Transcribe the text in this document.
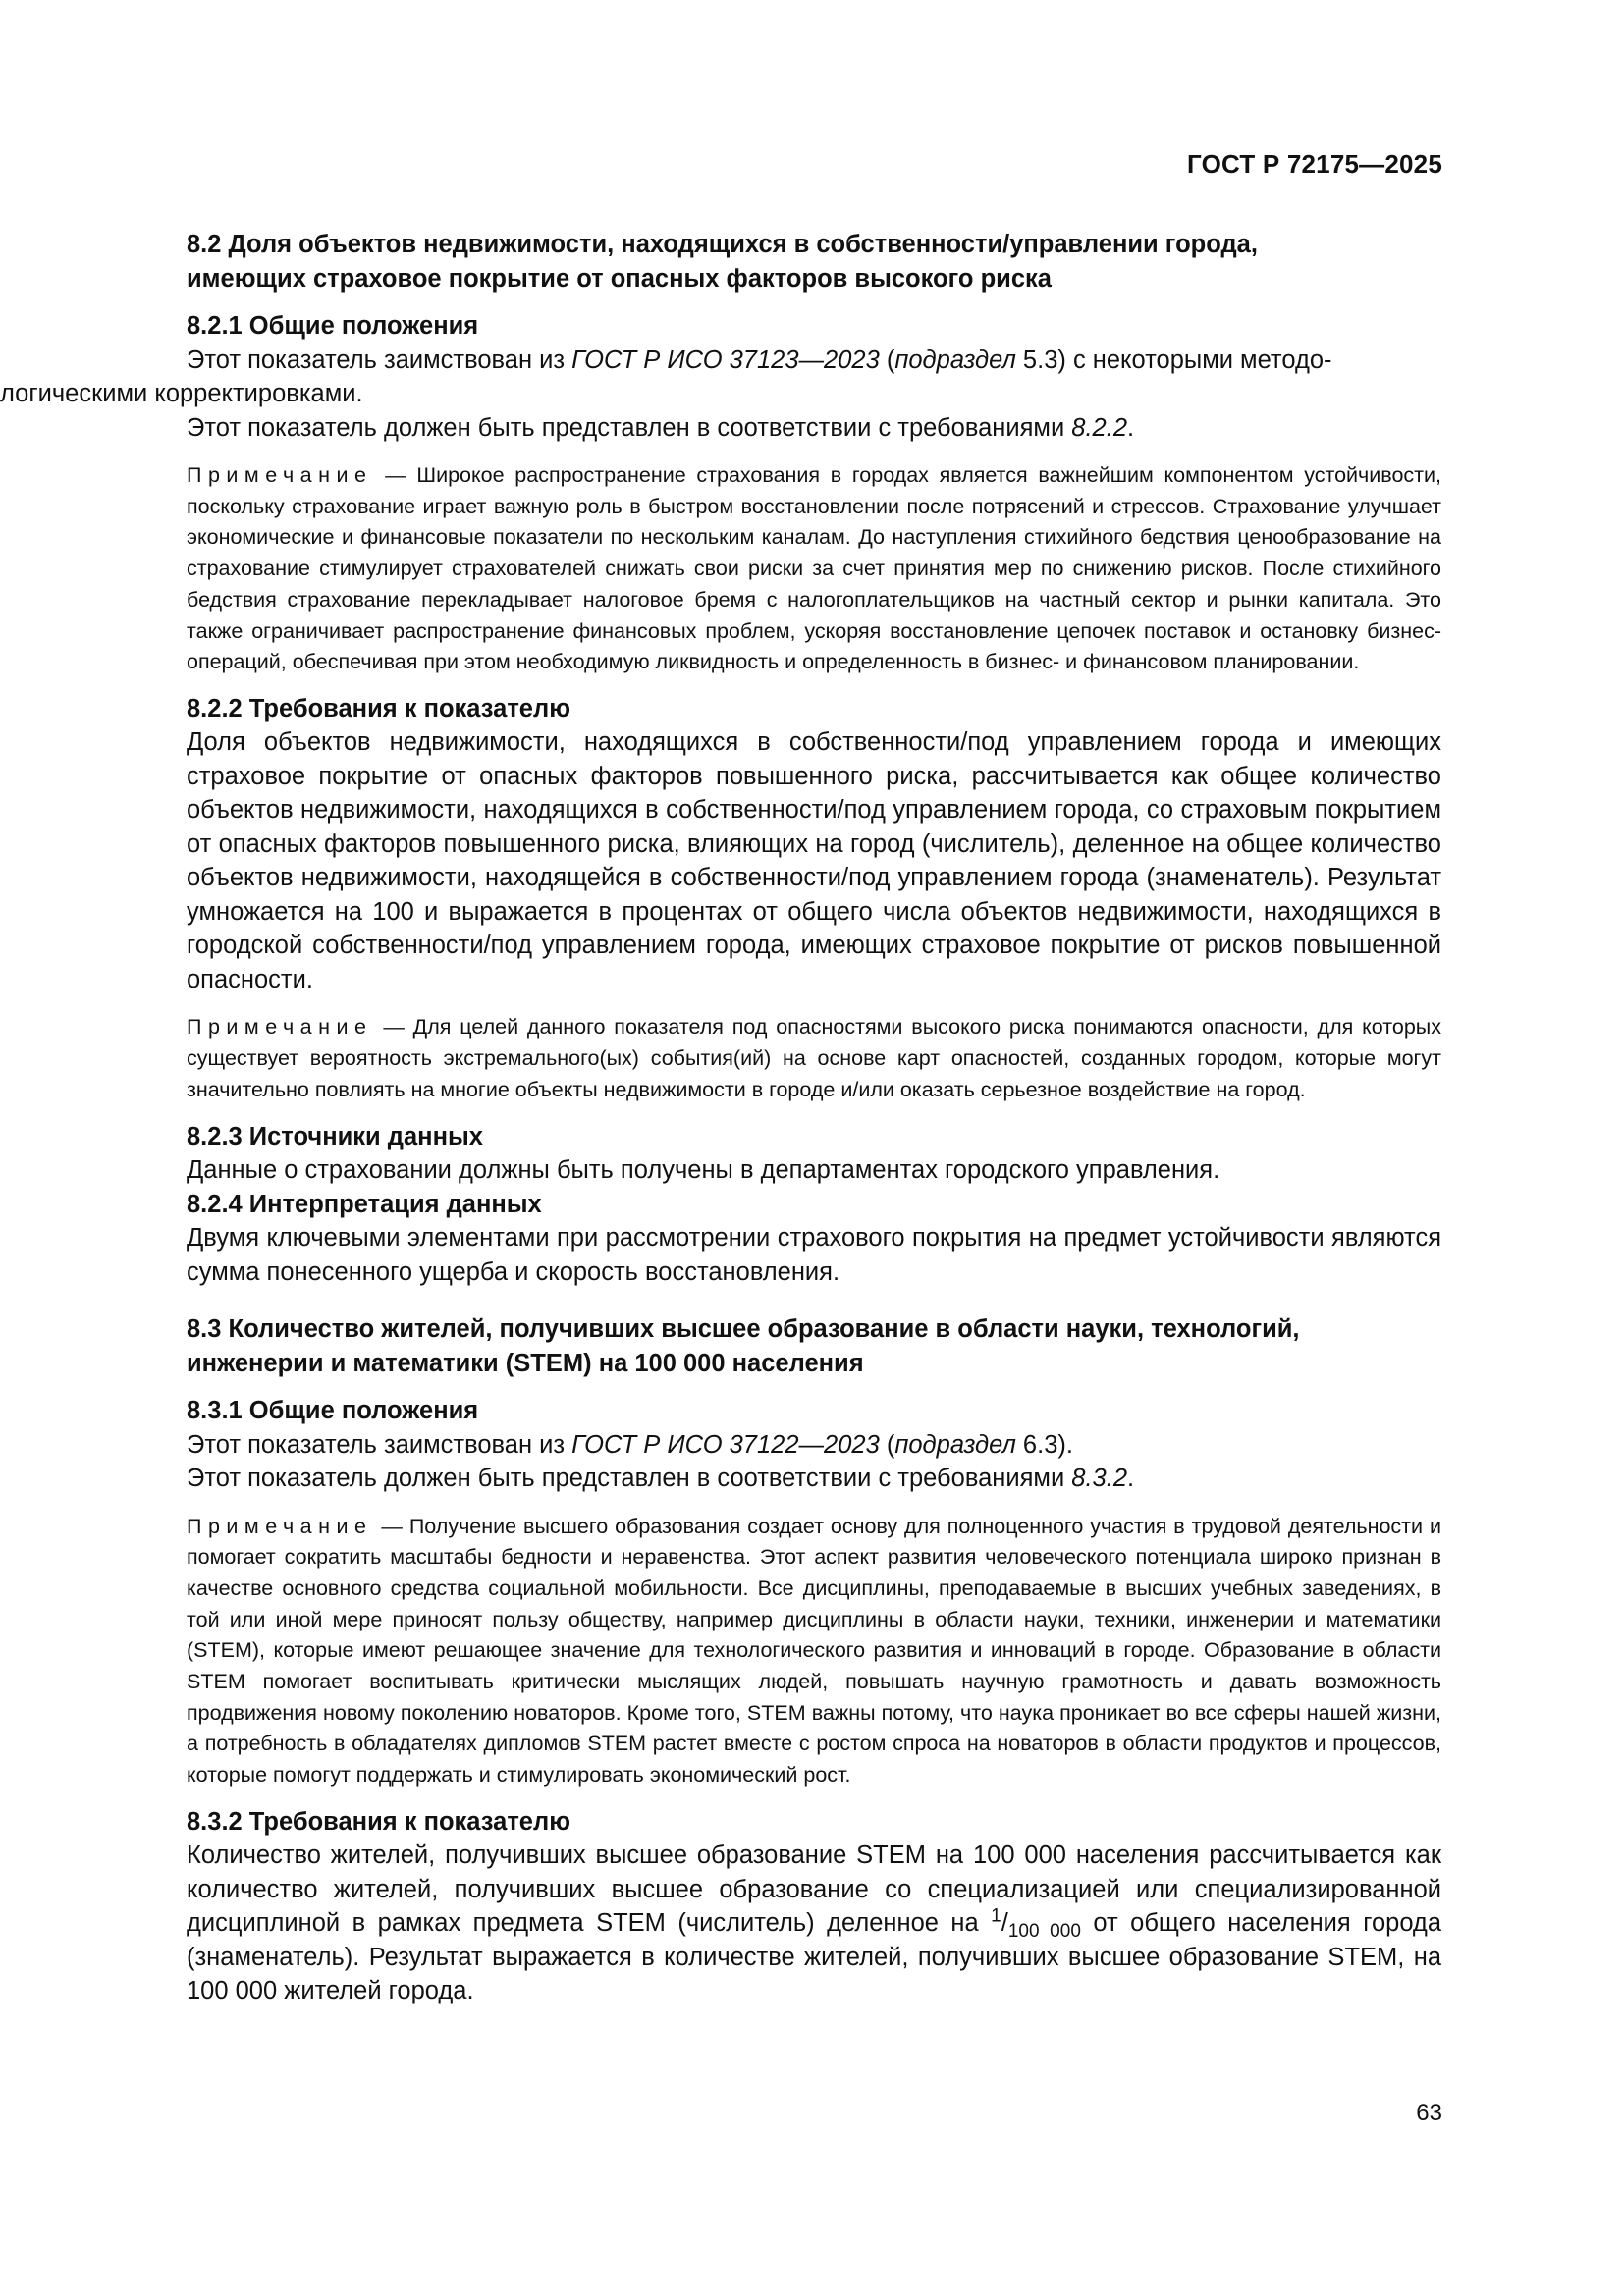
ГОСТ Р 72175—2025
8.2 Доля объектов недвижимости, находящихся в собственности/управлении города,
имеющих страховое покрытие от опасных факторов высокого риска
8.2.1 Общие положения
Этот показатель заимствован из ГОСТ Р ИСО 37123—2023 (подраздел 5.3) с некоторыми методо-
логическими корректировками.
Этот показатель должен быть представлен в соответствии с требованиями 8.2.2.
Примечание — Широкое распространение страхования в городах является важнейшим компонентом устойчивости, поскольку страхование играет важную роль в быстром восстановлении после потрясений и стрессов. Страхование улучшает экономические и финансовые показатели по нескольким каналам. До наступления стихийного бедствия ценообразование на страхование стимулирует страхователей снижать свои риски за счет принятия мер по снижению рисков. После стихийного бедствия страхование перекладывает налоговое бремя с налогоплательщиков на частный сектор и рынки капитала. Это также ограничивает распространение финансовых проблем, ускоряя восстановление цепочек поставок и остановку бизнес-операций, обеспечивая при этом необходимую ликвидность и определенность в бизнес- и финансовом планировании.
8.2.2 Требования к показателю
Доля объектов недвижимости, находящихся в собственности/под управлением города и имеющих страховое покрытие от опасных факторов повышенного риска, рассчитывается как общее количество объектов недвижимости, находящихся в собственности/под управлением города, со страховым покрытием от опасных факторов повышенного риска, влияющих на город (числитель), деленное на общее количество объектов недвижимости, находящейся в собственности/под управлением города (знаменатель). Результат умножается на 100 и выражается в процентах от общего числа объектов недвижимости, находящихся в городской собственности/под управлением города, имеющих страховое покрытие от рисков повышенной опасности.
Примечание — Для целей данного показателя под опасностями высокого риска понимаются опасности, для которых существует вероятность экстремального(ых) события(ий) на основе карт опасностей, созданных городом, которые могут значительно повлиять на многие объекты недвижимости в городе и/или оказать серьезное воздействие на город.
8.2.3 Источники данных
Данные о страховании должны быть получены в департаментах городского управления.
8.2.4 Интерпретация данных
Двумя ключевыми элементами при рассмотрении страхового покрытия на предмет устойчивости являются сумма понесенного ущерба и скорость восстановления.
8.3 Количество жителей, получивших высшее образование в области науки, технологий,
инженерии и математики (STEM) на 100 000 населения
8.3.1 Общие положения
Этот показатель заимствован из ГОСТ Р ИСО 37122—2023 (подраздел 6.3).
Этот показатель должен быть представлен в соответствии с требованиями 8.3.2.
Примечание — Получение высшего образования создает основу для полноценного участия в трудовой деятельности и помогает сократить масштабы бедности и неравенства. Этот аспект развития человеческого потенциала широко признан в качестве основного средства социальной мобильности. Все дисциплины, преподаваемые в высших учебных заведениях, в той или иной мере приносят пользу обществу, например дисциплины в области науки, техники, инженерии и математики (STEM), которые имеют решающее значение для технологического развития и инноваций в городе. Образование в области STEM помогает воспитывать критически мыслящих людей, повышать научную грамотность и давать возможность продвижения новому поколению новаторов. Кроме того, STEM важны потому, что наука проникает во все сферы нашей жизни, а потребность в обладателях дипломов STEM растет вместе с ростом спроса на новаторов в области продуктов и процессов, которые помогут поддержать и стимулировать экономический рост.
8.3.2 Требования к показателю
Количество жителей, получивших высшее образование STEM на 100 000 населения рассчитывается как количество жителей, получивших высшее образование со специализацией или специализированной дисциплиной в рамках предмета STEM (числитель) деленное на $^1/_{100 000}$ от общего населения города (знаменатель). Результат выражается в количестве жителей, получивших высшее образование STEM, на 100 000 жителей города.
63
